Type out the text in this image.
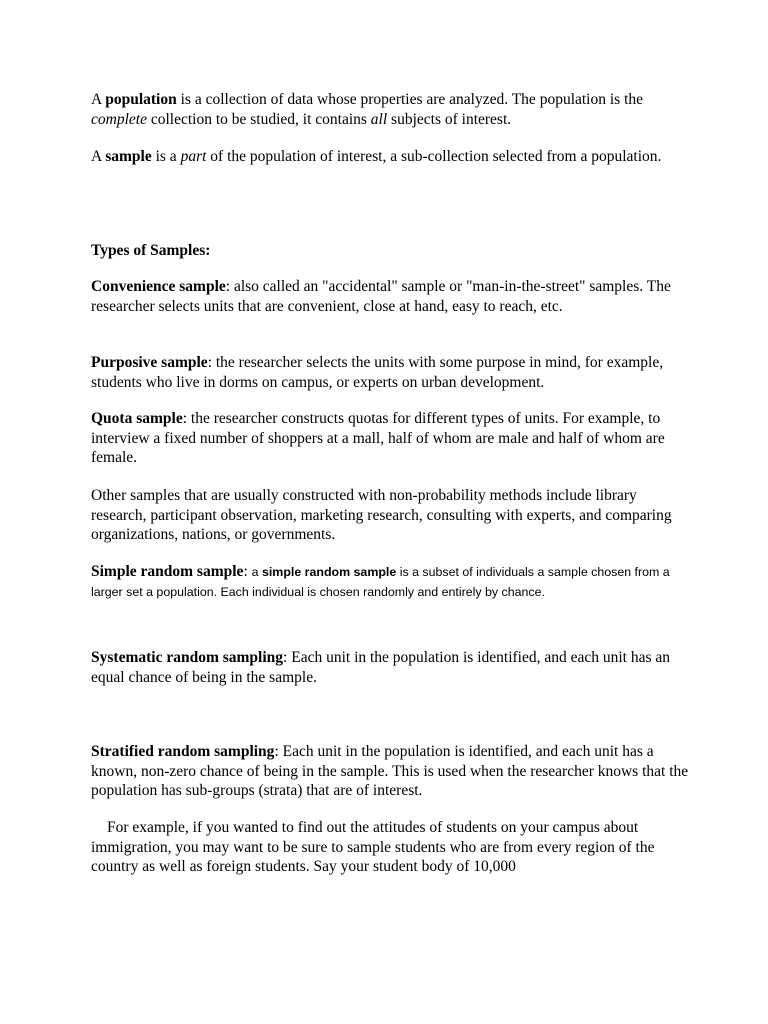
A population is a collection of data whose properties are analyzed. The population is the complete collection to be studied, it contains all subjects of interest.

A sample is a part of the population of interest, a sub-collection selected from a population.

Types of Samples:

Convenience sample: also called an "accidental" sample or "man-in-the-street" samples. The researcher selects units that are convenient, close at hand, easy to reach, etc.

Purposive sample: the researcher selects the units with some purpose in mind, for example, students who live in dorms on campus, or experts on urban development.

Quota sample: the researcher constructs quotas for different types of units. For example, to interview a fixed number of shoppers at a mall, half of whom are male and half of whom are female.

Other samples that are usually constructed with non-probability methods include library research, participant observation, marketing research, consulting with experts, and comparing organizations, nations, or governments.

Simple random sample: a simple random sample is a subset of individuals a sample chosen from a larger set a population. Each individual is chosen randomly and entirely by chance.

Systematic random sampling: Each unit in the population is identified, and each unit has an equal chance of being in the sample.

Stratified random sampling: Each unit in the population is identified, and each unit has a known, non-zero chance of being in the sample. This is used when the researcher knows that the population has sub-groups (strata) that are of interest.

For example, if you wanted to find out the attitudes of students on your campus about immigration, you may want to be sure to sample students who are from every region of the country as well as foreign students. Say your student body of 10,000
